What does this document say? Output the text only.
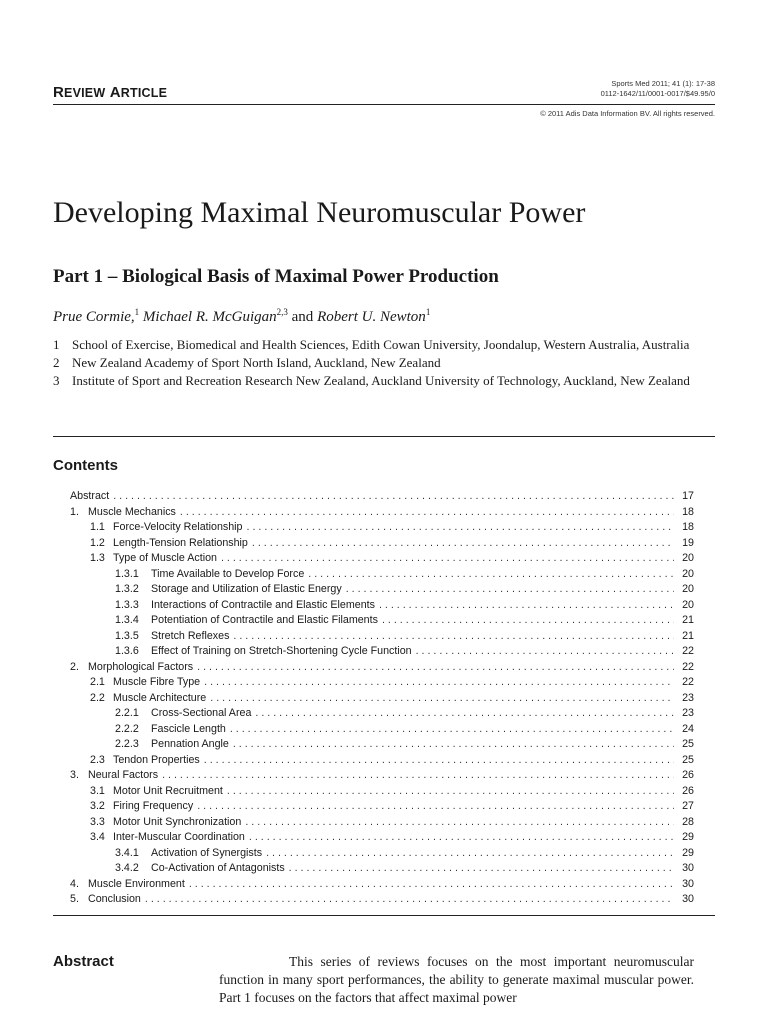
REVIEW ARTICLE
Sports Med 2011; 41 (1): 17-38
0112-1642/11/0001-0017/$49.95/0
© 2011 Adis Data Information BV. All rights reserved.
Developing Maximal Neuromuscular Power
Part 1 – Biological Basis of Maximal Power Production
Prue Cormie,$^1$ Michael R. McGuigan$^{2,3}$ and Robert U. Newton$^1$
1 School of Exercise, Biomedical and Health Sciences, Edith Cowan University, Joondalup, Western Australia, Australia
2 New Zealand Academy of Sport North Island, Auckland, New Zealand
3 Institute of Sport and Recreation Research New Zealand, Auckland University of Technology, Auckland, New Zealand
Contents
Abstract . . .	17
1. Muscle Mechanics . . .	18
1.1 Force-Velocity Relationship . . .	18
1.2 Length-Tension Relationship . . .	19
1.3 Type of Muscle Action . . .	20
1.3.1 Time Available to Develop Force . . .	20
1.3.2 Storage and Utilization of Elastic Energy . . .	20
1.3.3 Interactions of Contractile and Elastic Elements . . .	20
1.3.4 Potentiation of Contractile and Elastic Filaments . . .	21
1.3.5 Stretch Reflexes . . .	21
1.3.6 Effect of Training on Stretch-Shortening Cycle Function . . .	22
2. Morphological Factors . . .	22
2.1 Muscle Fibre Type . . .	22
2.2 Muscle Architecture . . .	23
2.2.1 Cross-Sectional Area . . .	23
2.2.2 Fascicle Length . . .	24
2.2.3 Pennation Angle . . .	25
2.3 Tendon Properties . . .	25
3. Neural Factors . . .	26
3.1 Motor Unit Recruitment . . .	26
3.2 Firing Frequency . . .	27
3.3 Motor Unit Synchronization . . .	28
3.4 Inter-Muscular Coordination . . .	29
3.4.1 Activation of Synergists . . .	29
3.4.2 Co-Activation of Antagonists . . .	30
4. Muscle Environment . . .	30
5. Conclusion . . .	30
Abstract	This series of reviews focuses on the most important neuromuscular function in many sport performances, the ability to generate maximal muscular power. Part 1 focuses on the factors that affect maximal power
